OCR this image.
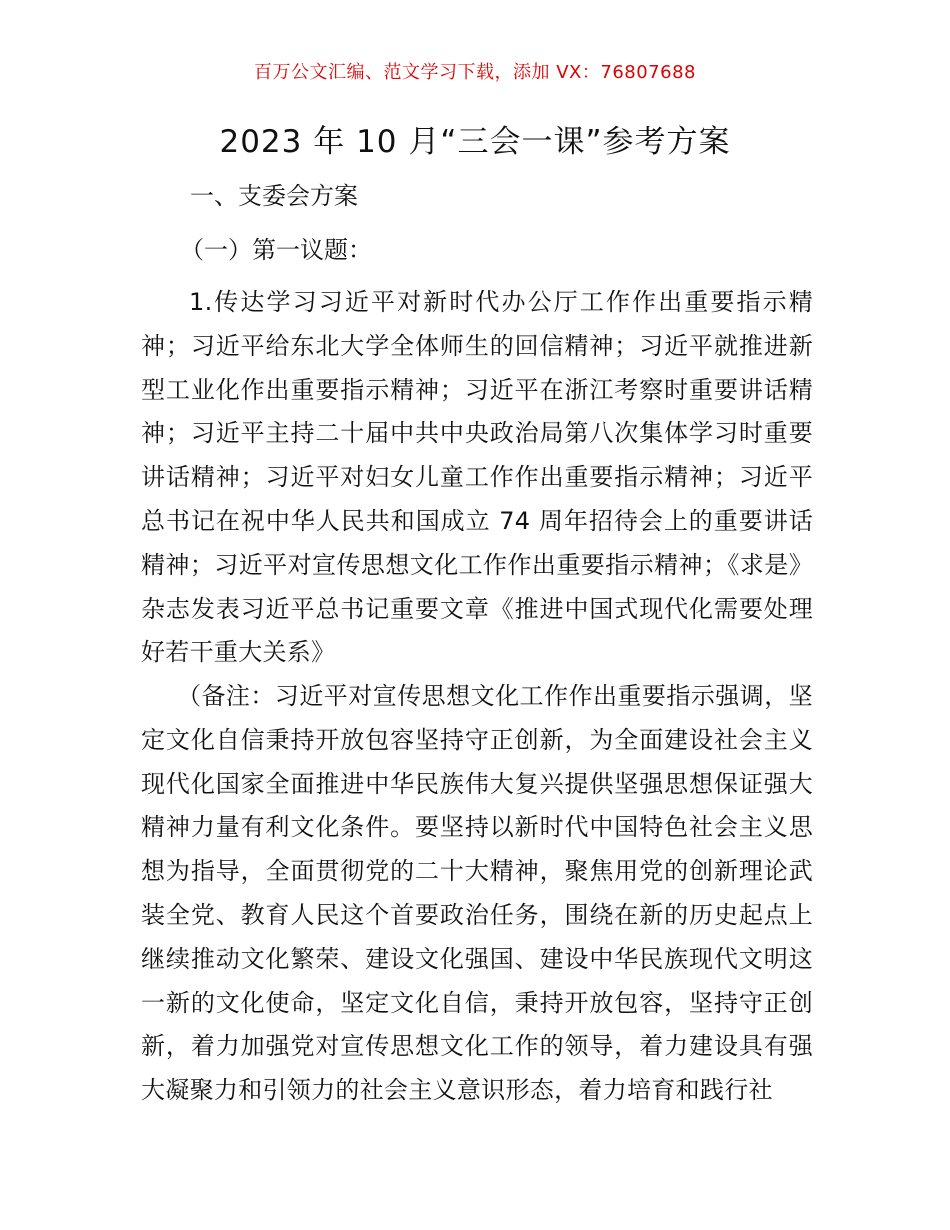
百万公文汇编、范文学习下载，添加 VX：76807688
2023 年 10 月“三会一课”参考方案
一、支委会方案
（一）第一议题：
1.传达学习习近平对新时代办公厅工作作出重要指示精神；习近平给东北大学全体师生的回信精神；习近平就推进新型工业化作出重要指示精神；习近平在浙江考察时重要讲话精神；习近平主持二十届中共中央政治局第八次集体学习时重要讲话精神；习近平对妇女儿童工作作出重要指示精神；习近平总书记在祝中华人民共和国成立 74 周年招待会上的重要讲话精神；习近平对宣传思想文化工作作出重要指示精神；《求是》杂志发表习近平总书记重要文章《推进中国式现代化需要处理好若干重大关系》
（备注：习近平对宣传思想文化工作作出重要指示强调，坚定文化自信秉持开放包容坚持守正创新，为全面建设社会主义现代化国家全面推进中华民族伟大复兴提供坚强思想保证强大精神力量有利文化条件。要坚持以新时代中国特色社会主义思想为指导，全面贯彻党的二十大精神，聚焦用党的创新理论武装全党、教育人民这个首要政治任务，围绕在新的历史起点上继续推动文化繁荣、建设文化强国、建设中华民族现代文明这一新的文化使命，坚定文化自信，秉持开放包容，坚持守正创新，着力加强党对宣传思想文化工作的领导，着力建设具有强大凝聚力和引领力的社会主义意识形态，着力培育和践行社
